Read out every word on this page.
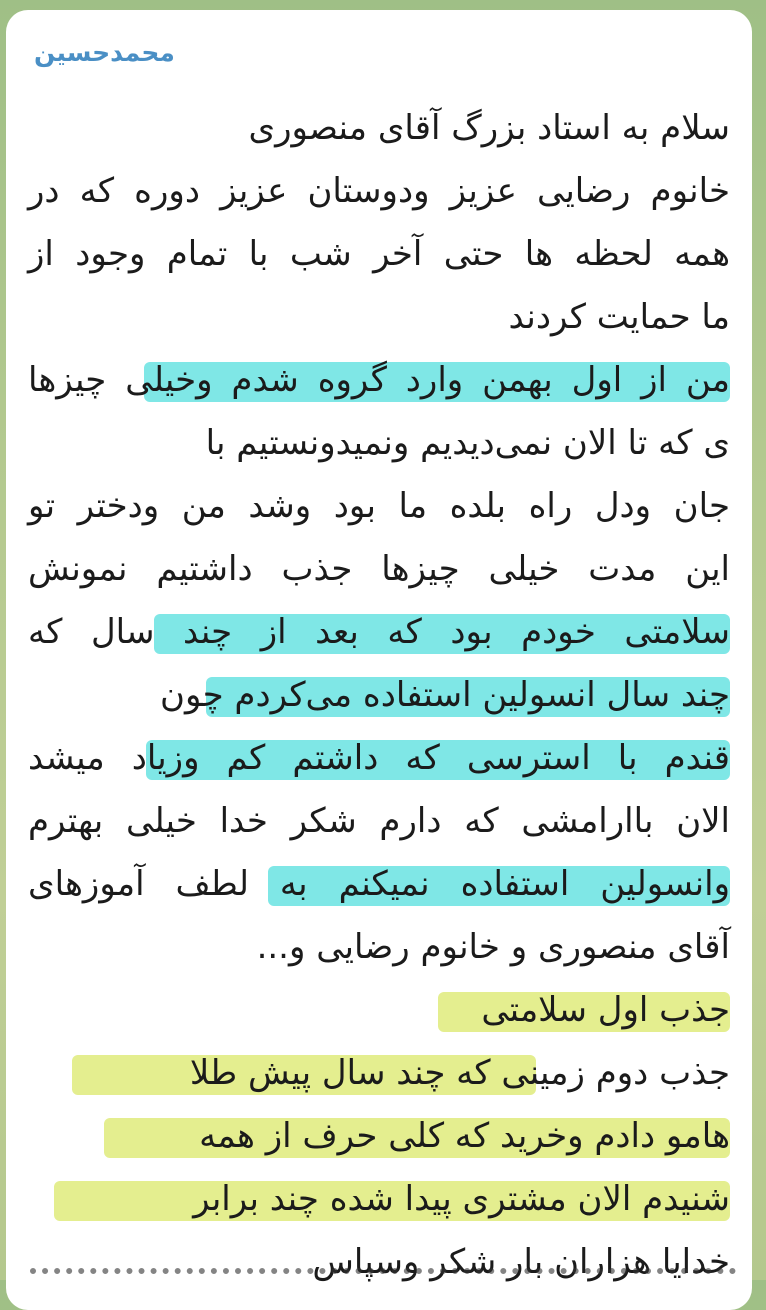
محمدحسین
سلام به استاد بزرگ آقای منصوری
خانوم رضایی عزیز ودوستان عزیز دوره که در
همه لحظه ها حتی آخر شب با تمام وجود از
ما حمایت کردند
من از اول بهمن وارد گروه شدم وخیلی چیزها
ی که تا الان نمی‌دیدیم ونمیدونستیم با
جان ودل راه بلده ما بود وشد من ودختر تو
این مدت خیلی چیزها جذب داشتیم نمونش
سلامتی خودم بود که بعد از چند سال که
چند سال انسولین استفاده می‌کردم چون
قندم با استرسی که داشتم کم وزیاد میشد
الان باارامشی که دارم شکر خدا خیلی بهترم
وانسولین استفاده نمیکنم به لطف آموزهای
آقای منصوری و خانوم رضایی و...
جذب اول سلامتی
جذب دوم زمینی که چند سال پیش طلا
هامو دادم وخرید که کلی حرف از همه
شنیدم الان مشتری پیدا شده چند برابر
خدایا هزاران بار شکر وسپاس
